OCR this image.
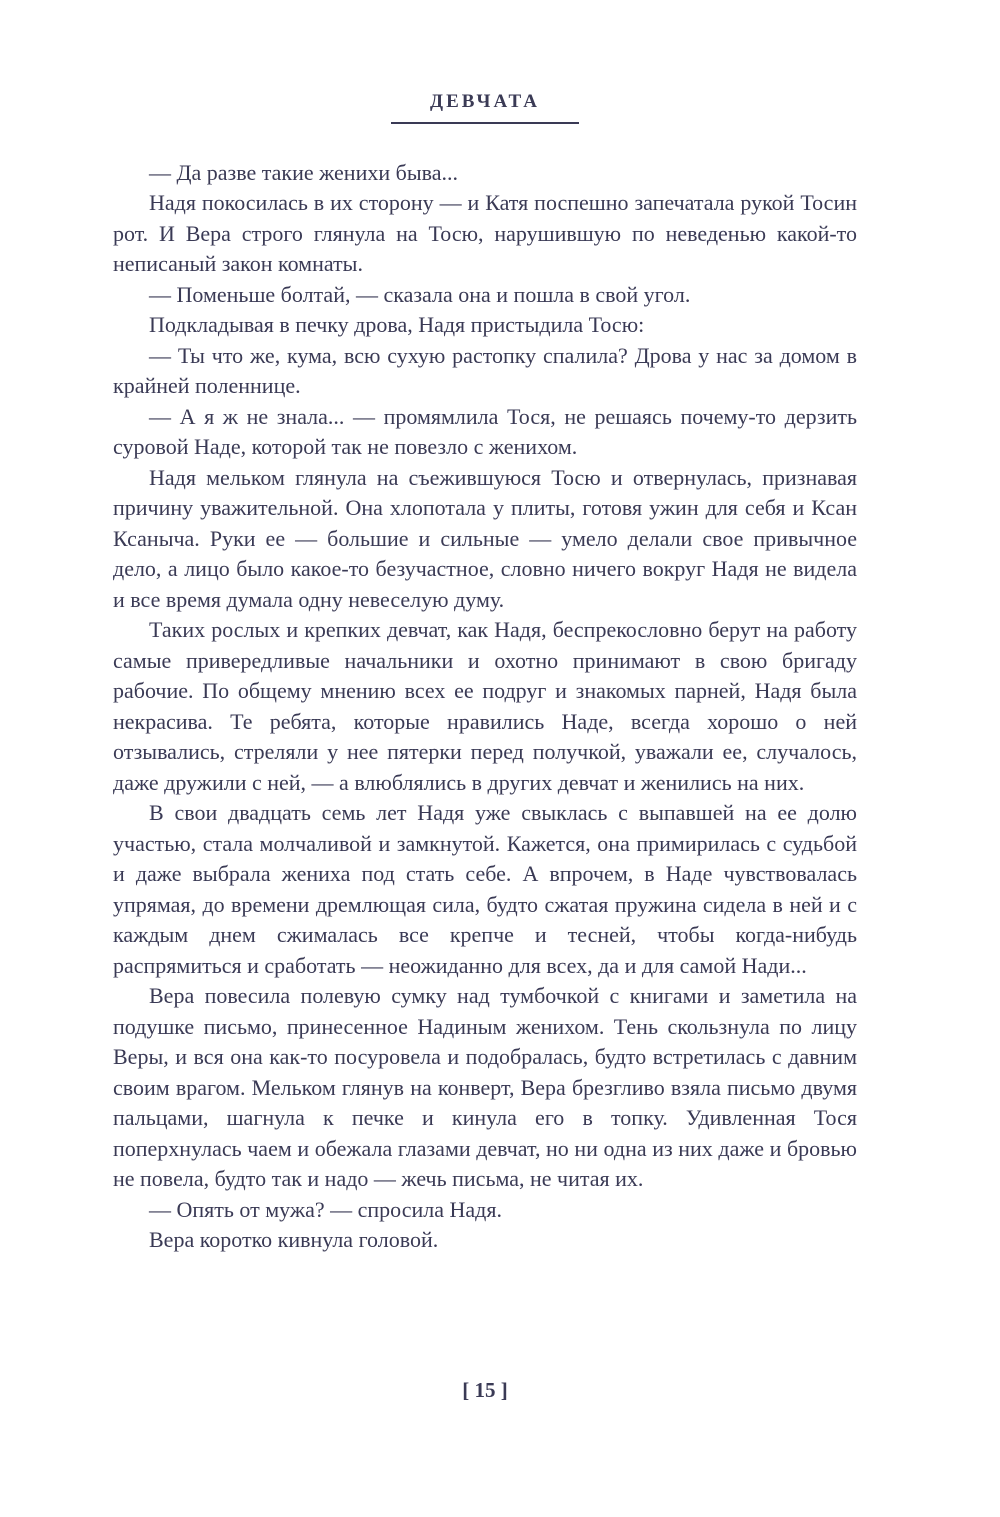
ДЕВЧАТА

— Да разве такие женихи быва...

Надя покосилась в их сторону — и Катя поспешно запечатала рукой Тосин рот. И Вера строго глянула на Тосю, нарушившую по неведенью какой-то неписаный закон комнаты.

— Поменьше болтай, — сказала она и пошла в свой угол.

Подкладывая в печку дрова, Надя пристыдила Тосю:

— Ты что же, кума, всю сухую растопку спалила? Дрова у нас за домом в крайней поленнице.

— А я ж не знала... — промямлила Тося, не решаясь почему-то дерзить суровой Наде, которой так не повезло с женихом.

Надя мельком глянула на съежившуюся Тосю и отвернулась, признавая причину уважительной. Она хлопотала у плиты, готовя ужин для себя и Ксан Ксаныча. Руки ее — большие и сильные — умело делали свое привычное дело, а лицо было какое-то безучастное, словно ничего вокруг Надя не видела и все время думала одну невеселую думу.

Таких рослых и крепких девчат, как Надя, беспрекословно берут на работу самые привередливые начальники и охотно принимают в свою бригаду рабочие. По общему мнению всех ее подруг и знакомых парней, Надя была некрасива. Те ребята, которые нравились Наде, всегда хорошо о ней отзывались, стреляли у нее пятерки перед получкой, уважали ее, случалось, даже дружили с ней, — а влюблялись в других девчат и женились на них.

В свои двадцать семь лет Надя уже свыклась с выпавшей на ее долю участью, стала молчаливой и замкнутой. Кажется, она примирилась с судьбой и даже выбрала жениха под стать себе. А впрочем, в Наде чувствовалась упрямая, до времени дремлющая сила, будто сжатая пружина сидела в ней и с каждым днем сжималась все крепче и тесней, чтобы когда-нибудь распрямиться и сработать — неожиданно для всех, да и для самой Нади...

Вера повесила полевую сумку над тумбочкой с книгами и заметила на подушке письмо, принесенное Надиным женихом. Тень скользнула по лицу Веры, и вся она как-то посуровела и подобралась, будто встретилась с давним своим врагом. Мельком глянув на конверт, Вера брезгливо взяла письмо двумя пальцами, шагнула к печке и кинула его в топку. Удивленная Тося поперхнулась чаем и обежала глазами девчат, но ни одна из них даже и бровью не повела, будто так и надо — жечь письма, не читая их.

— Опять от мужа? — спросила Надя.

Вера коротко кивнула головой.

[ 15 ]
